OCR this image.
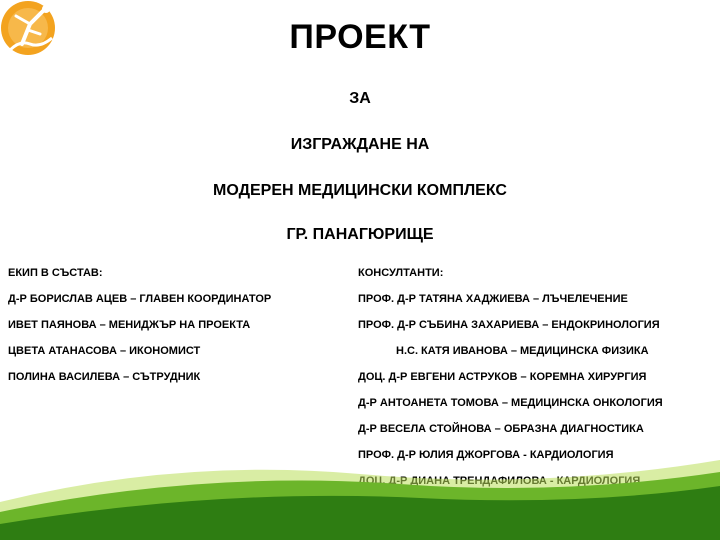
ПРОЕКТ
ЗА
ИЗГРАЖДАНЕ НА
МОДЕРЕН МЕДИЦИНСКИ КОМПЛЕКС
ГР. ПАНАГЮРИЩЕ
ЕКИП В СЪСТАВ:
Д-Р БОРИСЛАВ АЦЕВ – ГЛАВЕН КООРДИНАТОР
ИВЕТ ПАЯНОВА – МЕНИДЖЪР НА ПРОЕКТА
ЦВЕТА АТАНАСОВА – ИКОНОМИСТ
ПОЛИНА ВАСИЛЕВА – СЪТРУДНИК
КОНСУЛТАНТИ:
ПРОФ. Д-Р ТАТЯНА ХАДЖИЕВА – ЛЪЧЕЛЕЧЕНИЕ
ПРОФ. Д-Р СЪБИНА ЗАХАРИЕВА – ЕНДОКРИНОЛОГИЯ
Н.С. КАТЯ ИВАНОВА – МЕДИЦИНСКА ФИЗИКА
ДОЦ. Д-Р ЕВГЕНИ АСТРУКОВ – КОРЕМНА ХИРУРГИЯ
Д-Р АНТОАНЕТА ТОМОВА – МЕДИЦИНСКА ОНКОЛОГИЯ
Д-Р ВЕСЕЛА СТОЙНОВА – ОБРАЗНА ДИАГНОСТИКА
ПРОФ. Д-Р ЮЛИЯ ДЖОРГОВА - КАРДИОЛОГИЯ
